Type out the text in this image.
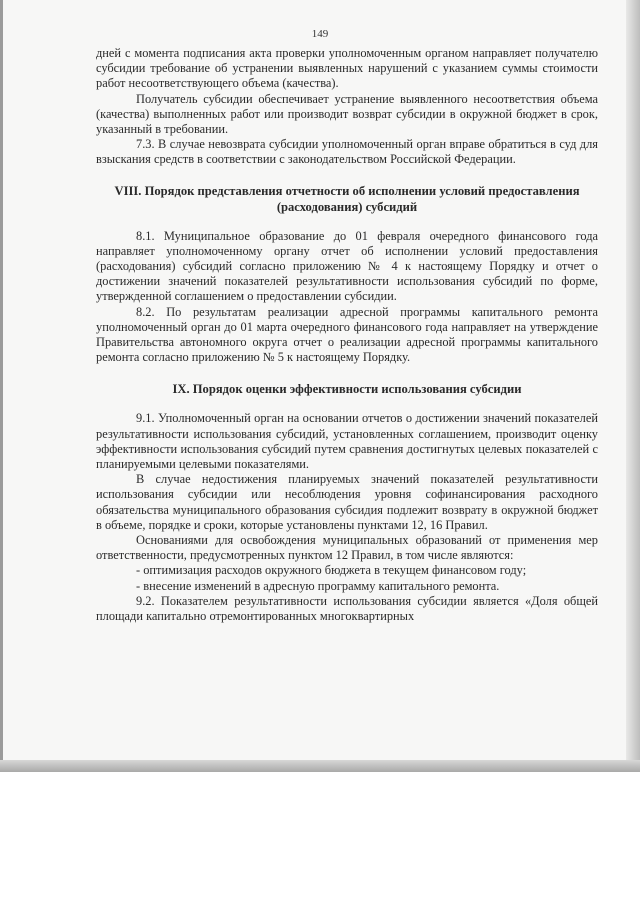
149

дней с момента подписания акта проверки уполномоченным органом направляет получателю субсидии требование об устранении выявленных нарушений с указанием суммы стоимости работ несоответствующего объема (качества).

Получатель субсидии обеспечивает устранение выявленного несоответствия объема (качества) выполненных работ или производит возврат субсидии в окружной бюджет в срок, указанный в требовании.

7.3. В случае невозврата субсидии уполномоченный орган вправе обратиться в суд для взыскания средств в соответствии с законодательством Российской Федерации.

VIII. Порядок представления отчетности об исполнении условий предоставления (расходования) субсидий

8.1. Муниципальное образование до 01 февраля очередного финансового года направляет уполномоченному органу отчет об исполнении условий предоставления (расходования) субсидий согласно приложению № 4 к настоящему Порядку и отчет о достижении значений показателей результативности использования субсидий по форме, утвержденной соглашением о предоставлении субсидии.

8.2. По результатам реализации адресной программы капитального ремонта уполномоченный орган до 01 марта очередного финансового года направляет на утверждение Правительства автономного округа отчет о реализации адресной программы капитального ремонта согласно приложению № 5 к настоящему Порядку.

IX. Порядок оценки эффективности использования субсидии

9.1. Уполномоченный орган на основании отчетов о достижении значений показателей результативности использования субсидий, установленных соглашением, производит оценку эффективности использования субсидий путем сравнения достигнутых целевых показателей с планируемыми целевыми показателями.

В случае недостижения планируемых значений показателей результативности использования субсидии или несоблюдения уровня софинансирования расходного обязательства муниципального образования субсидия подлежит возврату в окружной бюджет в объеме, порядке и сроки, которые установлены пунктами 12, 16 Правил.

Основаниями для освобождения муниципальных образований от применения мер ответственности, предусмотренных пунктом 12 Правил, в том числе являются:

- оптимизация расходов окружного бюджета в текущем финансовом году;

- внесение изменений в адресную программу капитального ремонта.

9.2. Показателем результативности использования субсидии является «Доля общей площади капитально отремонтированных многоквартирных
